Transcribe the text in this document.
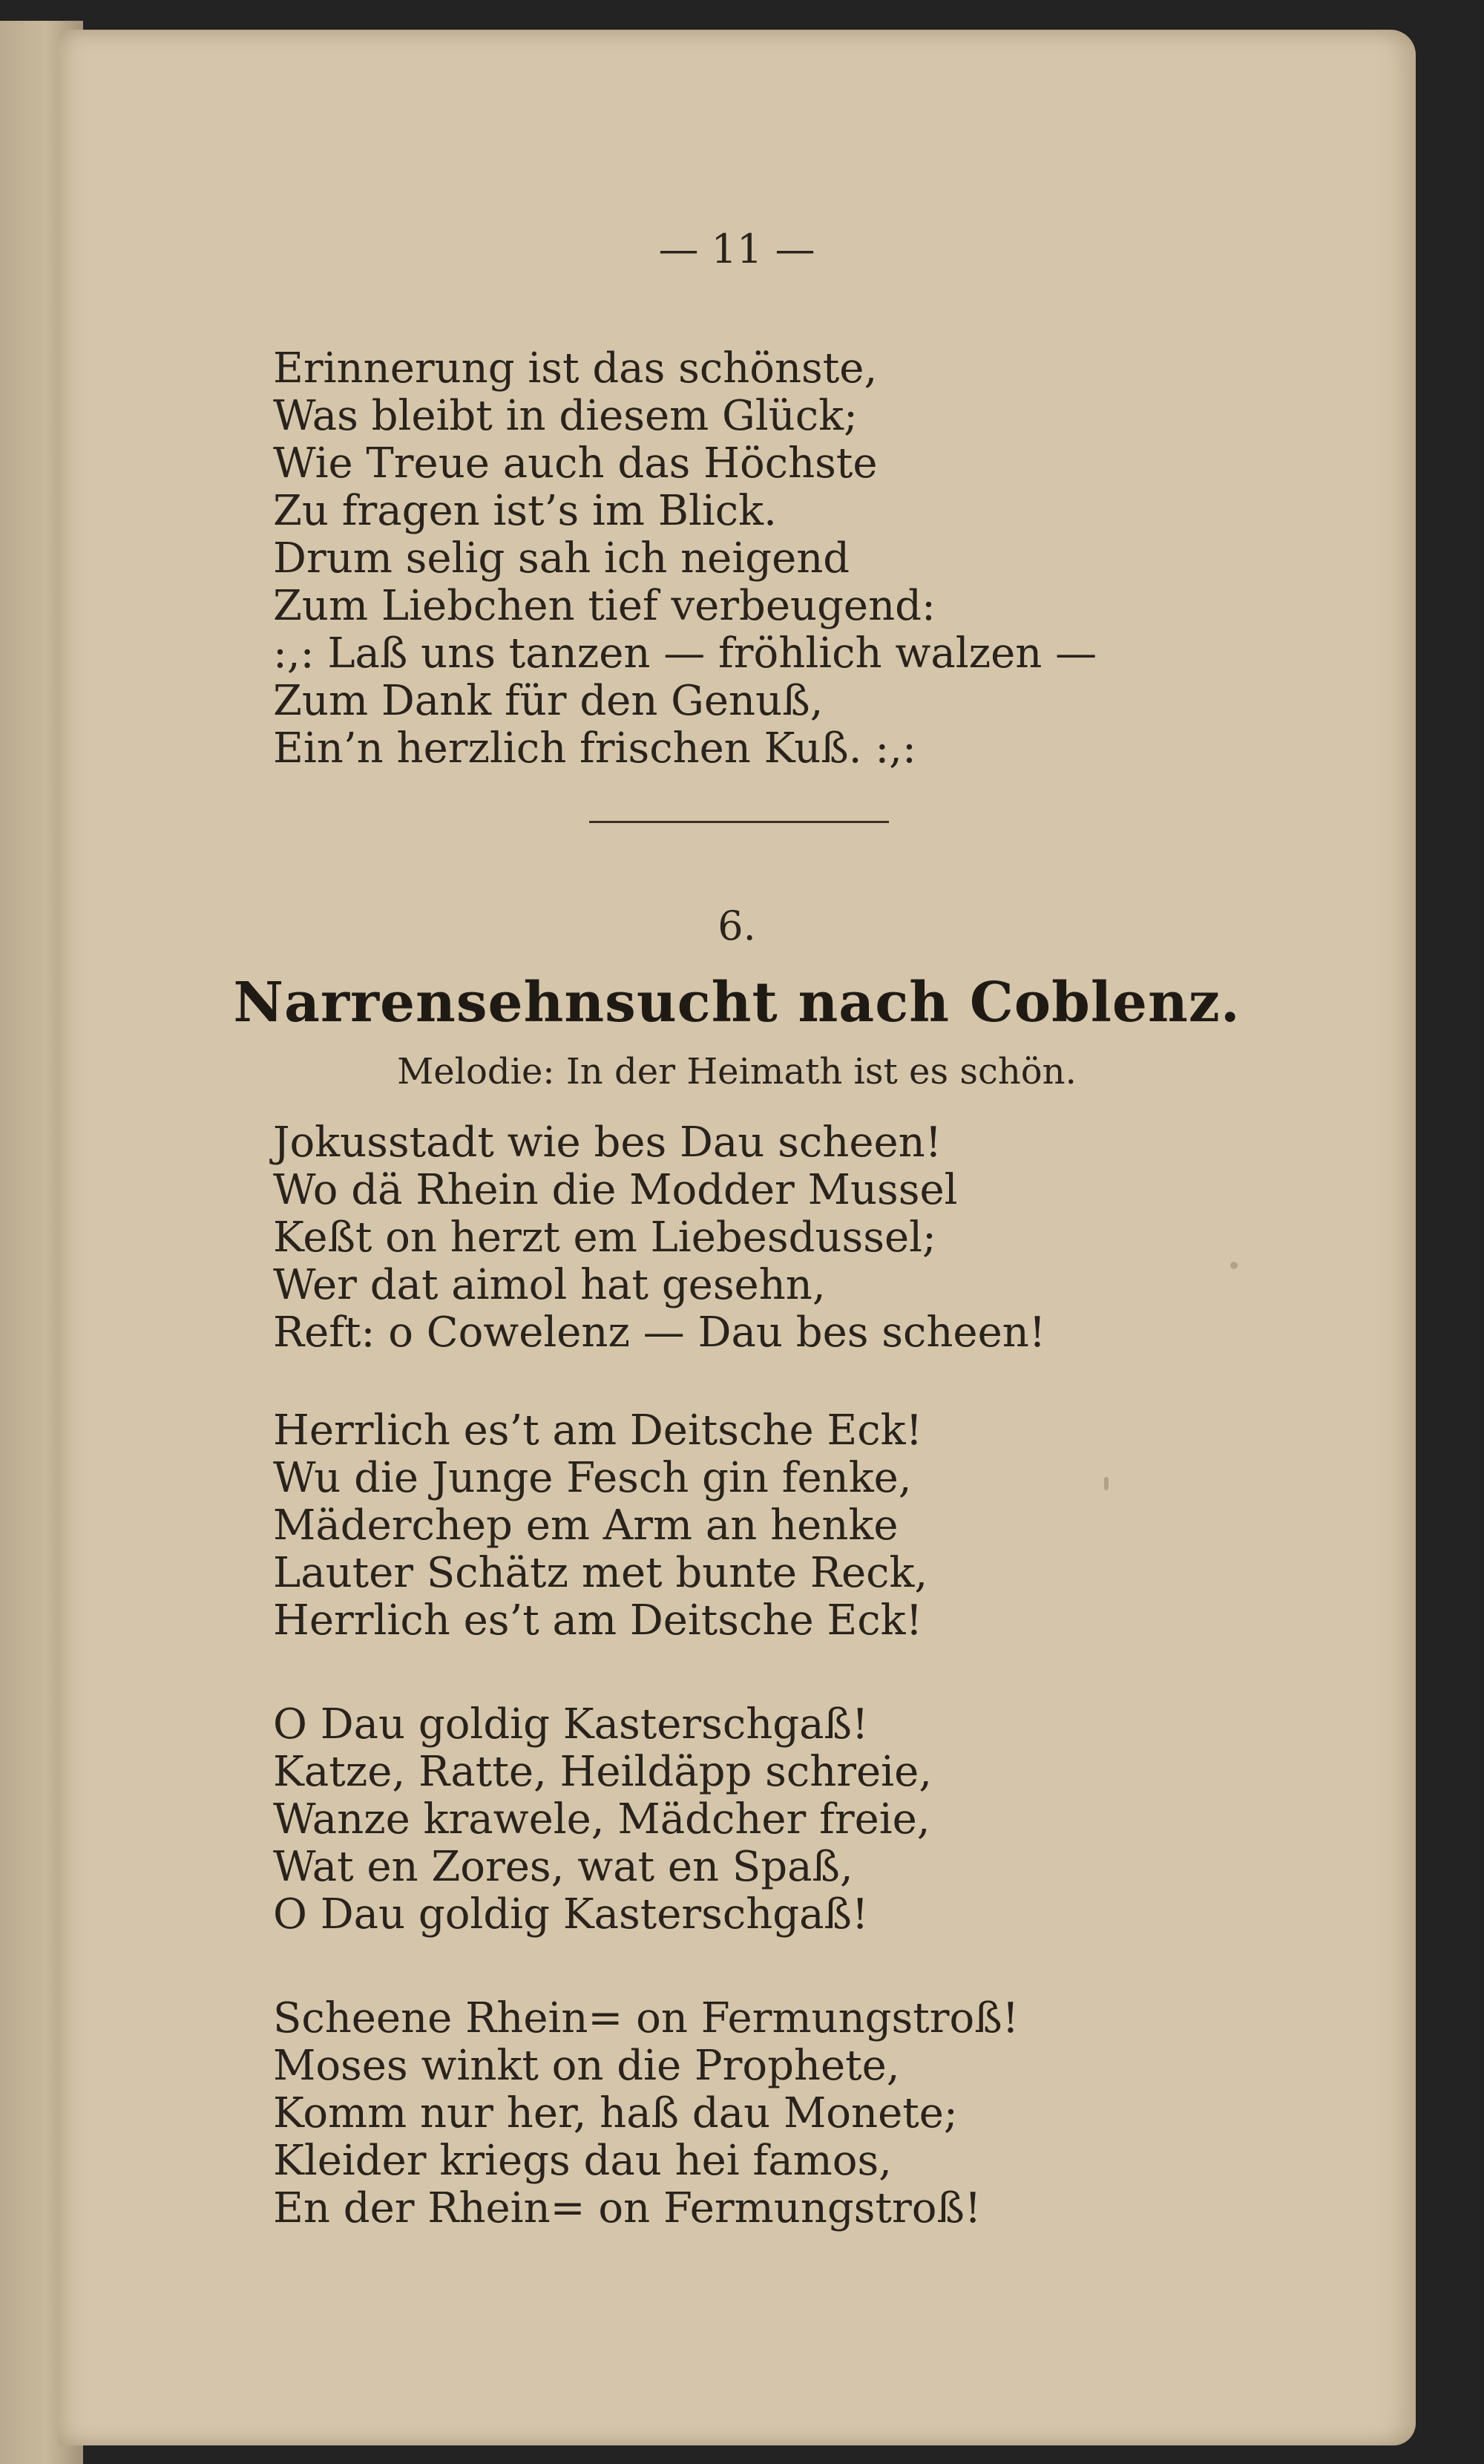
— 11 —

Erinnerung ist das schönste,
Was bleibt in diesem Glück;
Wie Treue auch das Höchste
Zu fragen ist’s im Blick.
Drum selig sah ich neigend
Zum Liebchen tief verbeugend:
:,: Laß uns tanzen — fröhlich walzen —
Zum Dank für den Genuß,
Ein’n herzlich frischen Kuß. :,:

6.

Narrensehnsucht nach Coblenz.

Melodie: In der Heimath ist es schön.

Jokusstadt wie bes Dau scheen!
Wo dä Rhein die Modder Mussel
Keßt on herzt em Liebesdussel;
Wer dat aimol hat gesehn,
Reft: o Cowelenz — Dau bes scheen!
Herrlich es’t am Deitsche Eck!
Wu die Junge Fesch gin fenke,
Mäderchер em Arm an henke
Lauter Schätz met bunte Reck,
Herrlich es’t am Deitsche Eck!
O Dau goldig Kasterschgaß!
Katze, Ratte, Heildäpp schreie,
Wanze krawele, Mädcher freie,
Wat en Zores, wat en Spaß,
O Dau goldig Kasterschgaß!
Scheene Rhein= on Fermungstroß!
Moses winkt on die Prophete,
Komm nur her, haß dau Monete;
Kleider kriegs dau hei famos,
En der Rhein= on Fermungstroß!
